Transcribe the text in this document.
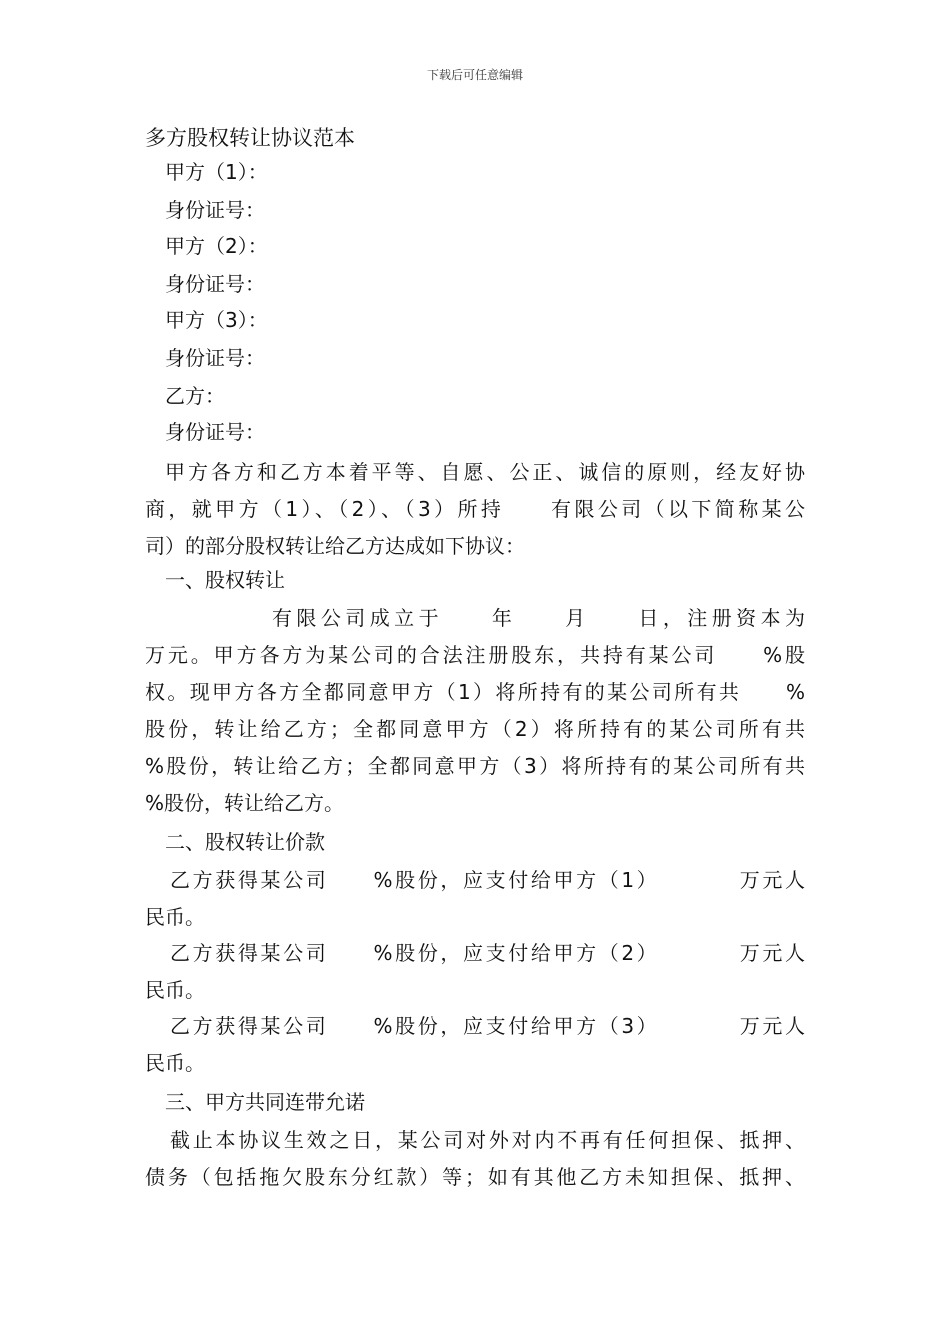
下载后可任意编辑
多方股权转让协议范本
甲方（1）：
身份证号：
甲方（2）：
身份证号：
甲方（3）：
身份证号：
乙方：
身份证号：

甲方各方和乙方本着平等、自愿、公正、诚信的原则，经友好协

商，就甲方（1）、（2）、（3）所持　　有限公司（以下简称某公

司）的部分股权转让给乙方达成如下协议：

一、股权转让

有限公司成立于　　年　　月　　日，注册资本为

万元。甲方各方为某公司的合法注册股东，共持有某公司　　%股

权。现甲方各方全都同意甲方（1）将所持有的某公司所有共　　%

股份，转让给乙方；全都同意甲方（2）将所持有的某公司所有共

%股份，转让给乙方；全都同意甲方（3）将所持有的某公司所有共

%股份，转让给乙方。

二、股权转让价款

乙方获得某公司　　%股份，应支付给甲方（1）　　　　万元人

民币。

乙方获得某公司　　%股份，应支付给甲方（2）　　　　万元人

民币。

乙方获得某公司　　%股份，应支付给甲方（3）　　　　万元人

民币。

三、甲方共同连带允诺

截止本协议生效之日，某公司对外对内不再有任何担保、抵押、

债务（包括拖欠股东分红款）等；如有其他乙方未知担保、抵押、
